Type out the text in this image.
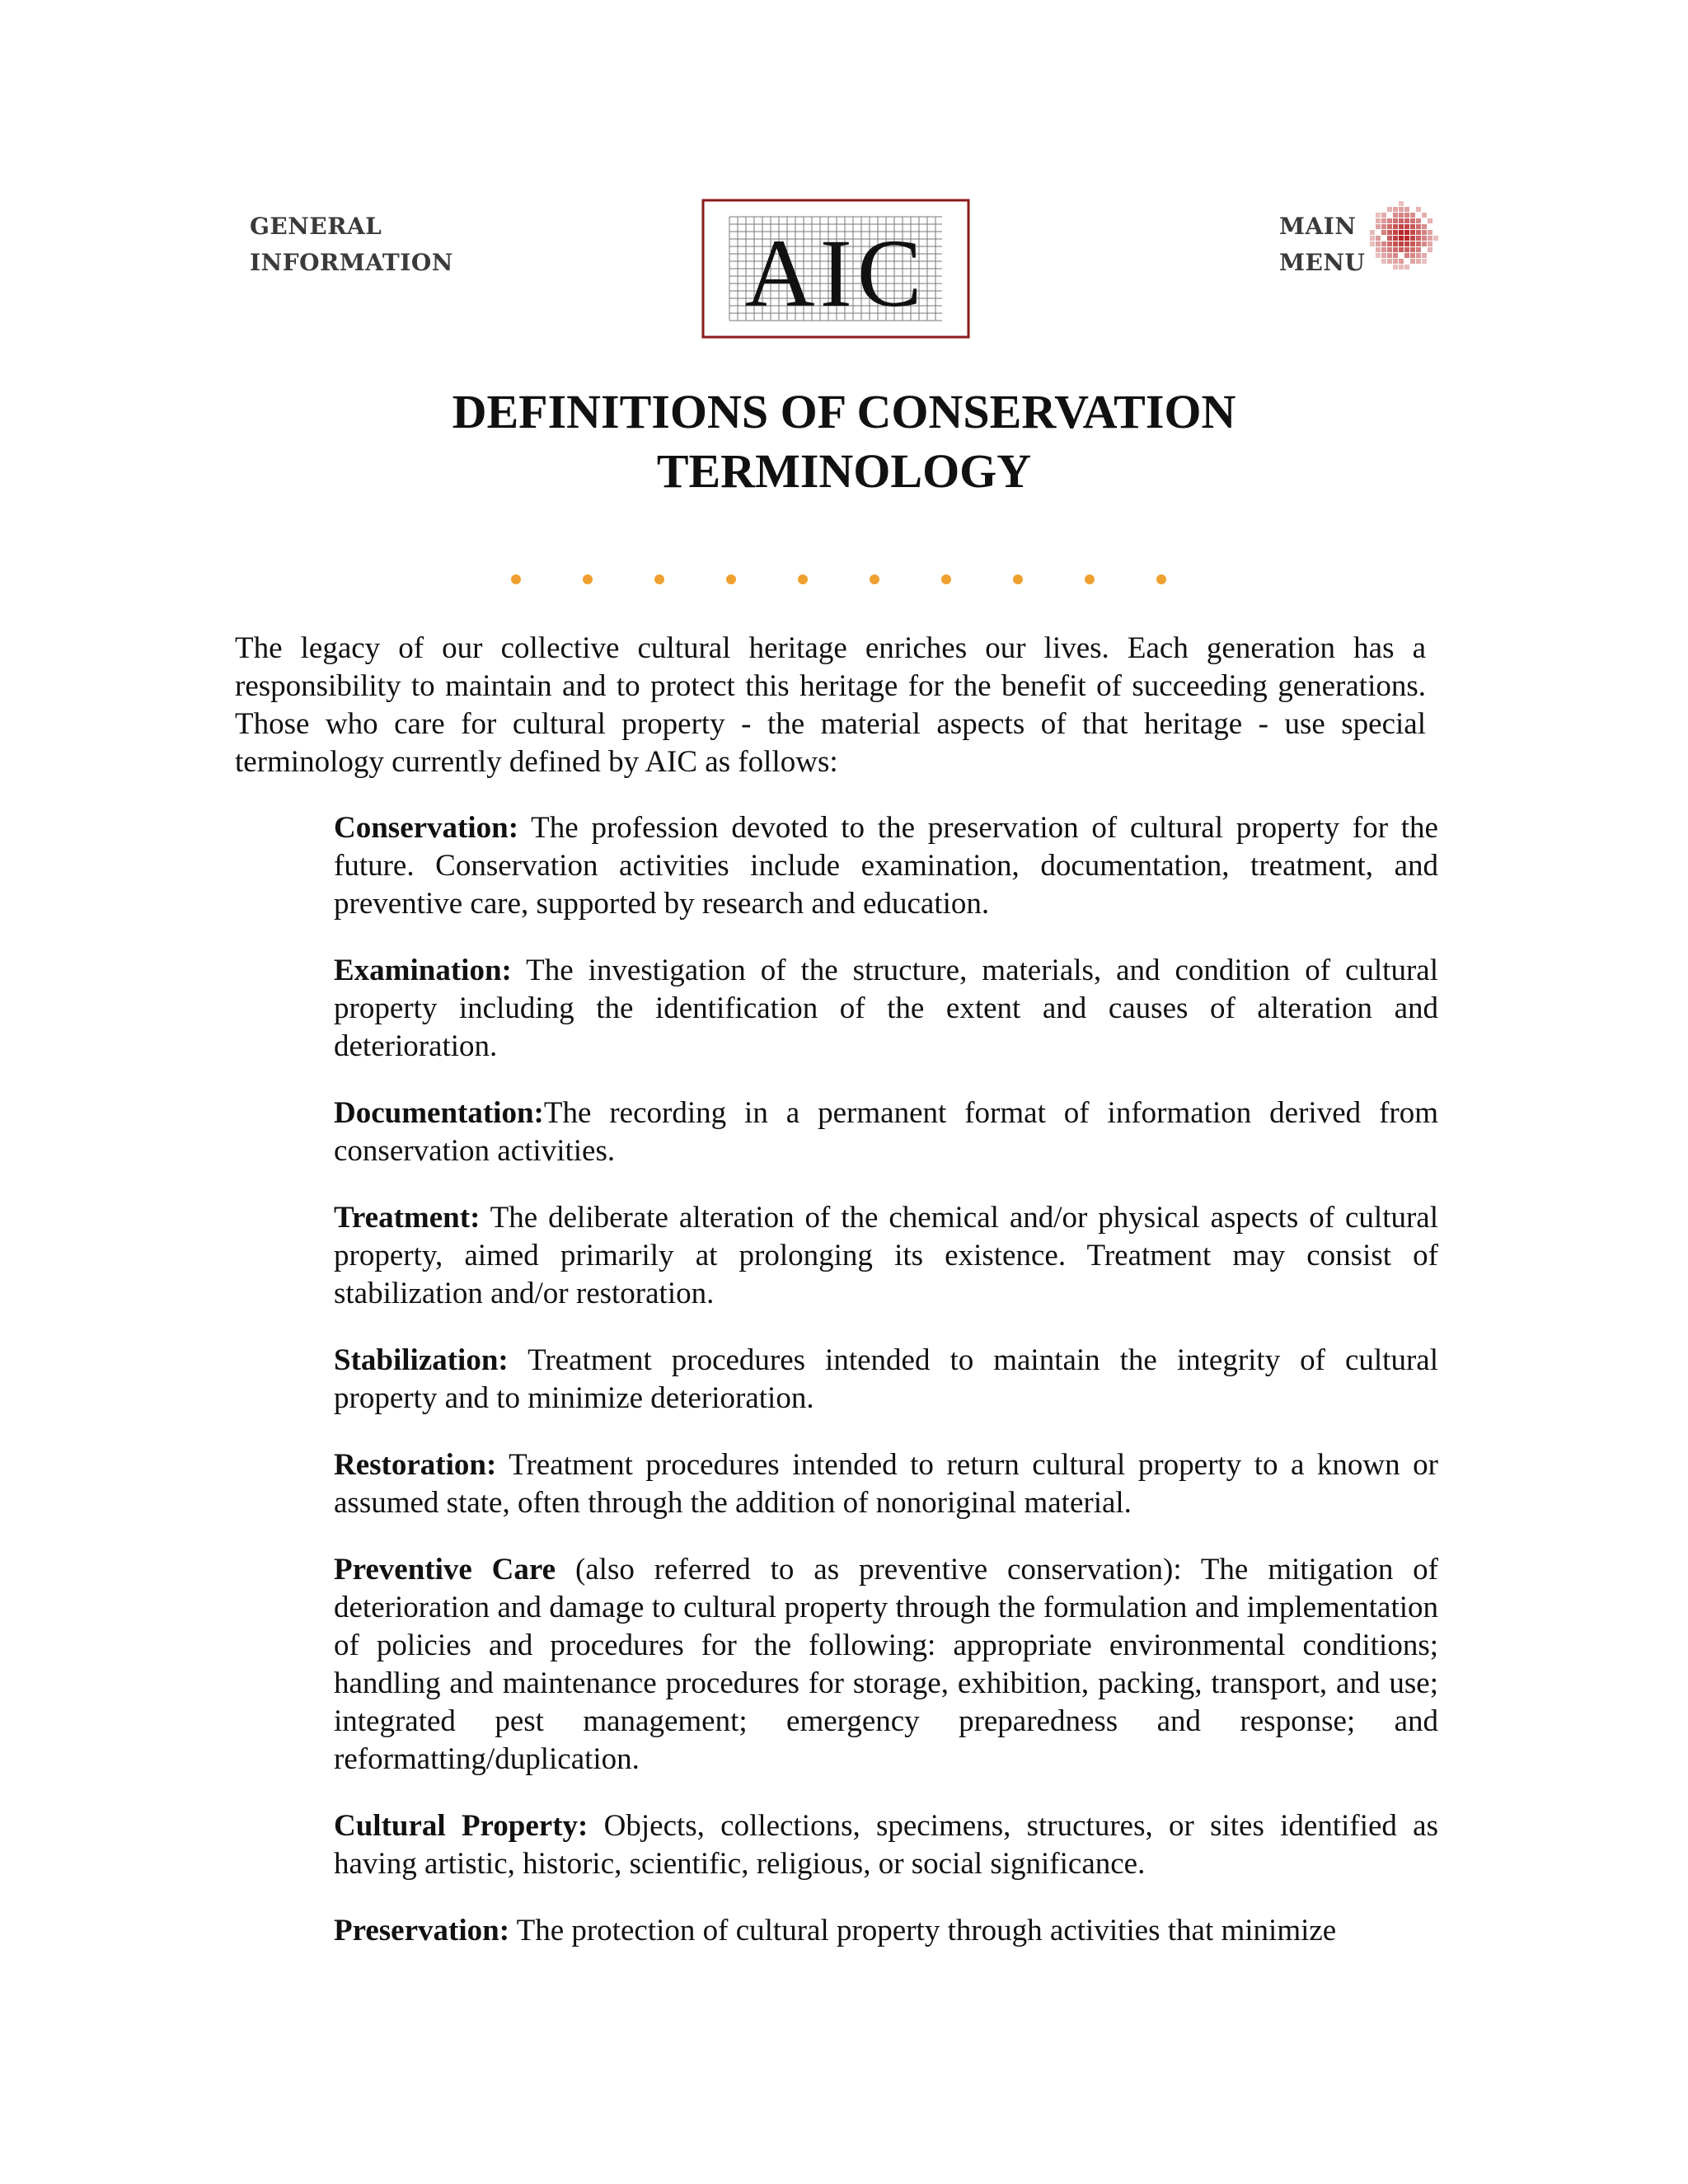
GENERAL
INFORMATION	AIC	MAIN
MENU
DEFINITIONS OF CONSERVATION
TERMINOLOGY

The legacy of our collective cultural heritage enriches our lives. Each generation has a responsibility to maintain and to protect this heritage for the benefit of succeeding generations. Those who care for cultural property - the material aspects of that heritage - use special terminology currently defined by AIC as follows:

Conservation: The profession devoted to the preservation of cultural property for the future. Conservation activities include examination, documentation, treatment, and preventive care, supported by research and education.
Examination: The investigation of the structure, materials, and condition of cultural property including the identification of the extent and causes of alteration and deterioration.
Documentation:The recording in a permanent format of information derived from conservation activities.
Treatment: The deliberate alteration of the chemical and/or physical aspects of cultural property, aimed primarily at prolonging its existence. Treatment may consist of stabilization and/or restoration.
Stabilization: Treatment procedures intended to maintain the integrity of cultural property and to minimize deterioration.
Restoration: Treatment procedures intended to return cultural property to a known or assumed state, often through the addition of nonoriginal material.
Preventive Care (also referred to as preventive conservation): The mitigation of deterioration and damage to cultural property through the formulation and implementation of policies and procedures for the following: appropriate environmental conditions; handling and maintenance procedures for storage, exhibition, packing, transport, and use; integrated pest management; emergency preparedness and response; and reformatting/duplication.
Cultural Property: Objects, collections, specimens, structures, or sites identified as having artistic, historic, scientific, religious, or social significance.
Preservation: The protection of cultural property through activities that minimize
